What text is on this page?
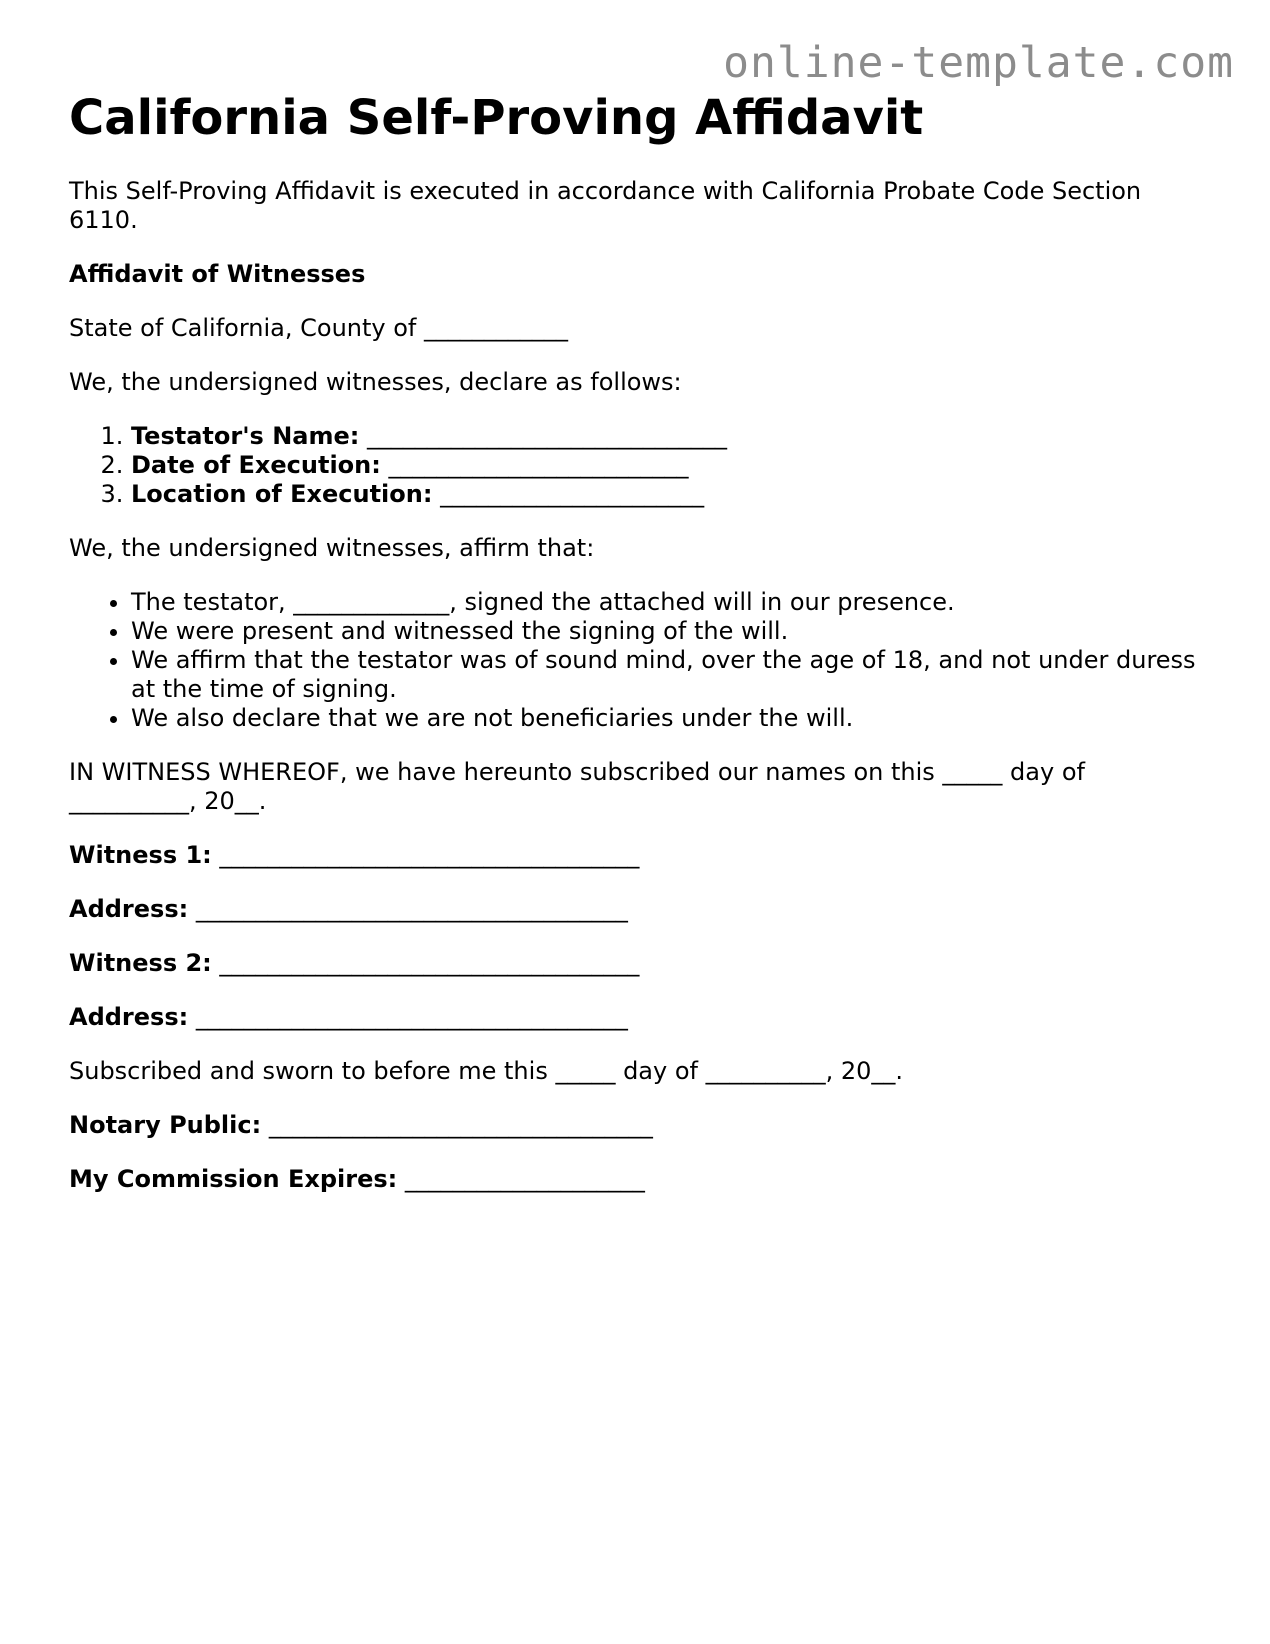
online-template.com
California Self-Proving Affidavit

This Self-Proving Affidavit is executed in accordance with California Probate Code Section 6110.

Affidavit of Witnesses

State of California, County of ____________

We, the undersigned witnesses, declare as follows:

1. Testator's Name: ______________________________
2. Date of Execution: _________________________
3. Location of Execution: ______________________

We, the undersigned witnesses, affirm that:

• The testator, _____________, signed the attached will in our presence.
• We were present and witnessed the signing of the will.
• We affirm that the testator was of sound mind, over the age of 18, and not under duress at the time of signing.
• We also declare that we are not beneficiaries under the will.

IN WITNESS WHEREOF, we have hereunto subscribed our names on this _____ day of __________, 20__.

Witness 1: ___________________________________

Address: ____________________________________

Witness 2: ___________________________________

Address: ____________________________________

Subscribed and sworn to before me this _____ day of __________, 20__.

Notary Public: ________________________________

My Commission Expires: ____________________
